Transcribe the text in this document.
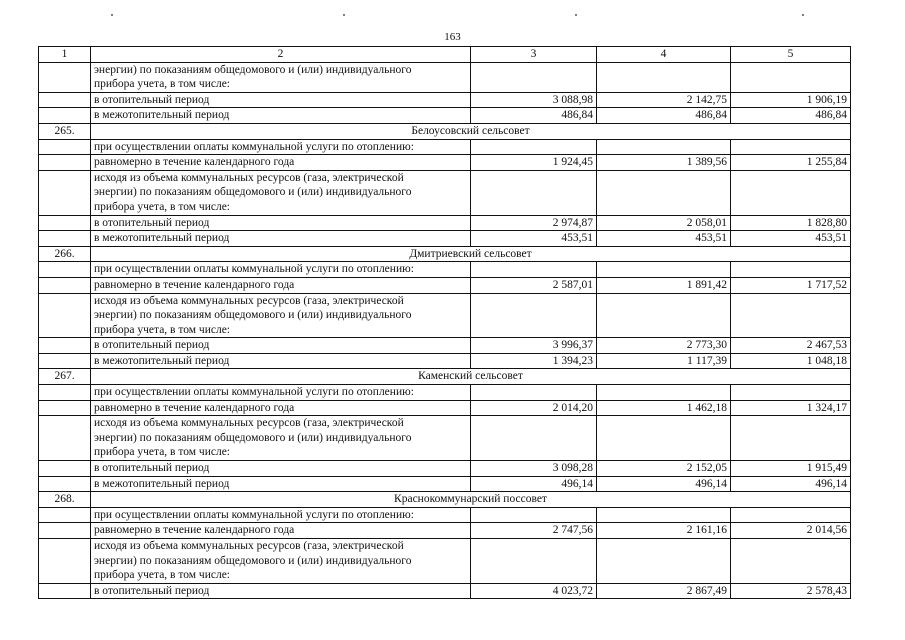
163
1	2	3	4	5

	энергии) по показаниям общедомового и (или) индивидуального
прибора учета, в том числе:			

	в отопительный период	3 088,98	2 142,75	1 906,19
	в межотопительный период	486,84	486,84	486,84
265.	Белоусовский сельсовет			
	при осуществлении оплаты коммунальной услуги по отоплению:			
	равномерно в течение календарного года	1 924,45	1 389,56	1 255,84

	исходя из объема коммунальных ресурсов (газа, электрической
энергии) по показаниям общедомового и (или) индивидуального
прибора учета, в том числе:			

	в отопительный период	2 974,87	2 058,01	1 828,80
	в межотопительный период	453,51	453,51	453,51
266.	Дмитриевский сельсовет			
	при осуществлении оплаты коммунальной услуги по отоплению:			
	равномерно в течение календарного года	2 587,01	1 891,42	1 717,52

	исходя из объема коммунальных ресурсов (газа, электрической
энергии) по показаниям общедомового и (или) индивидуального
прибора учета, в том числе:			

	в отопительный период	3 996,37	2 773,30	2 467,53
	в межотопительный период	1 394,23	1 117,39	1 048,18
267.	Каменский сельсовет			
	при осуществлении оплаты коммунальной услуги по отоплению:			
	равномерно в течение календарного года	2 014,20	1 462,18	1 324,17

	исходя из объема коммунальных ресурсов (газа, электрической
энергии) по показаниям общедомового и (или) индивидуального
прибора учета, в том числе:			

	в отопительный период	3 098,28	2 152,05	1 915,49
	в межотопительный период	496,14	496,14	496,14
268.	Краснокоммунарский поссовет			
	при осуществлении оплаты коммунальной услуги по отоплению:			
	равномерно в течение календарного года	2 747,56	2 161,16	2 014,56

	исходя из объема коммунальных ресурсов (газа, электрической
энергии) по показаниям общедомового и (или) индивидуального
прибора учета, в том числе:			

	в отопительный период	4 023,72	2 867,49	2 578,43
